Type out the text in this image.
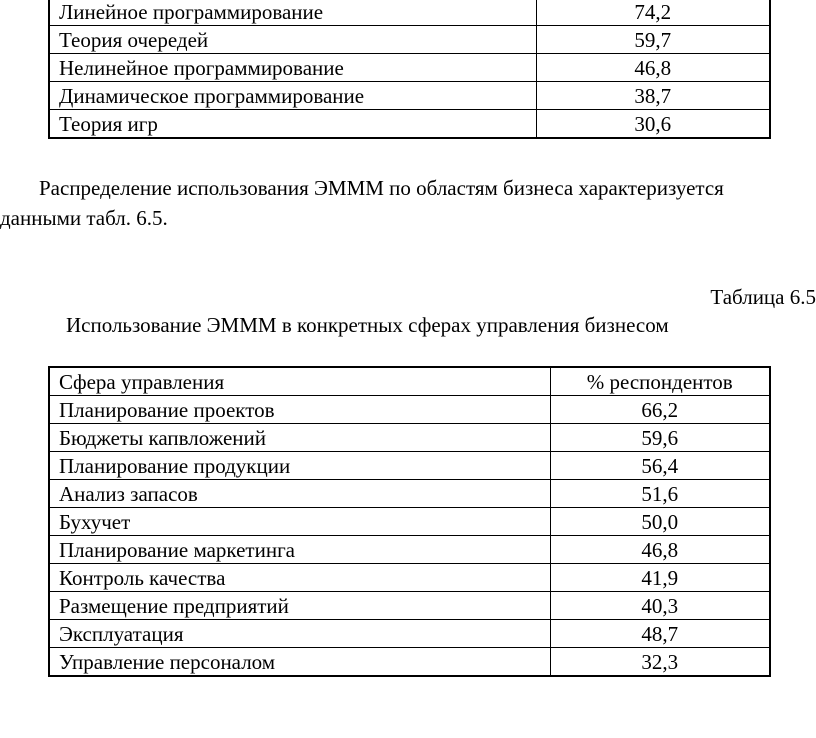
Линейное программирование	74,2
Теория очередей	59,7
Нелинейное программирование	46,8
Динамическое программирование	38,7
Теория игр	30,6
Распределение использования ЭММM по областям бизнеса характеризуется
данными табл. 6.5.
Таблица 6.5
Использование ЭММM в конкретных сферах управления бизнесом
Сфера управления	% респондентов
Планирование проектов	66,2
Бюджеты капвложений	59,6
Планирование продукции	56,4
Анализ запасов	51,6
Бухучет	50,0
Планирование маркетинга	46,8
Контроль качества	41,9
Размещение предприятий	40,3
Эксплуатация	48,7
Управление персоналом	32,3
